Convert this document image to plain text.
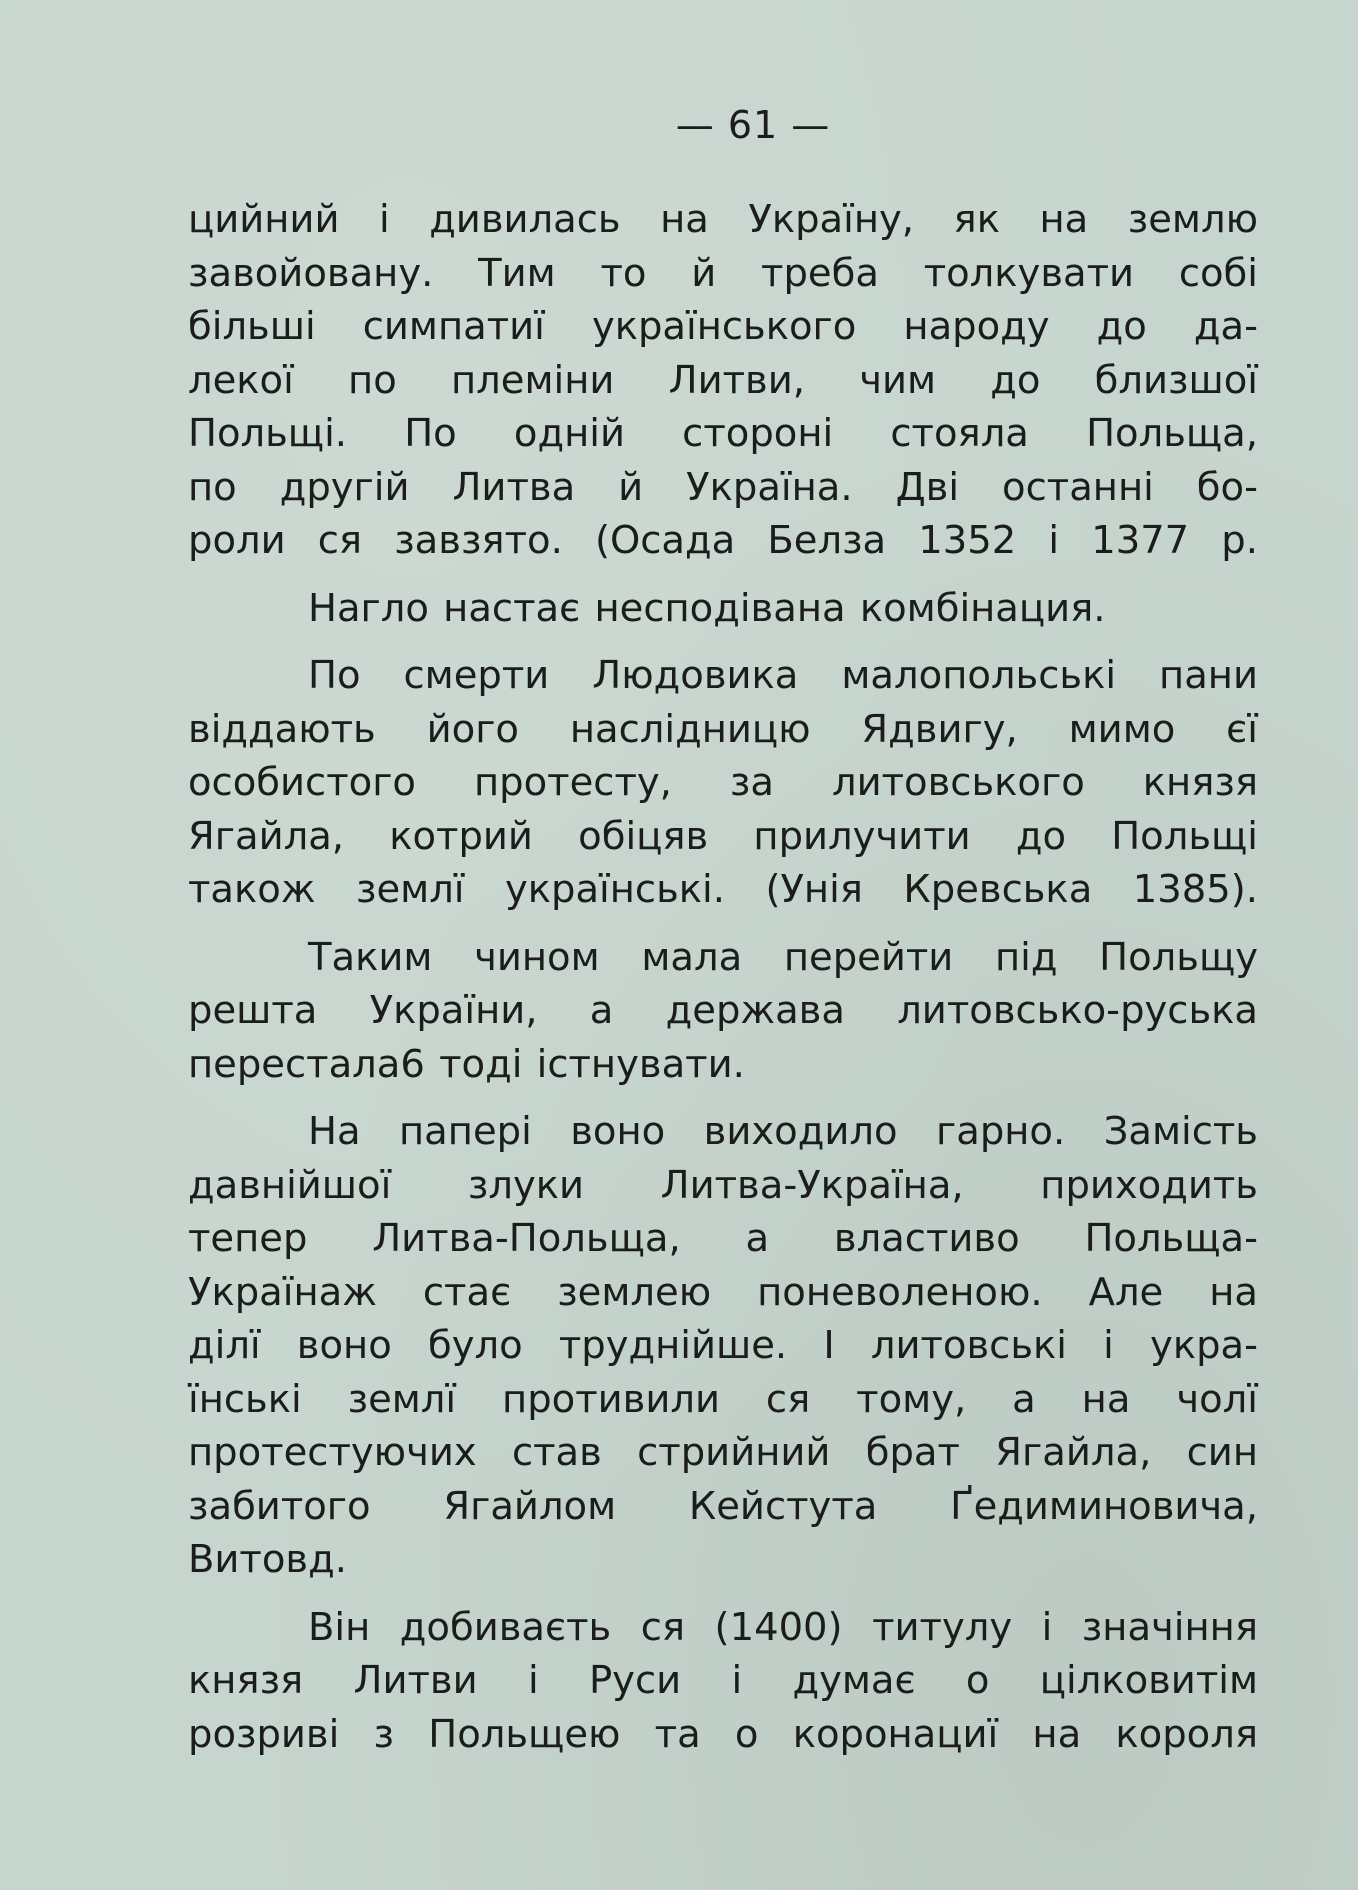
— 61 —
цийний і дивилась на Україну, як на землю
завойовану. Тим то й треба толкувати собі
більші симпатиї українського народу до да-
лекої по племіни Литви, чим до близшої
Польщі. По одній стороні стояла Польща,
по другій Литва й Україна. Дві останні бо-
роли ся завзято. (Осада Белза 1352 і 1377 р.
Нагло настає несподівана комбінация.
По смерти Людовика малопольські пани
віддають його наслідницю Ядвигу, мимо єї
особистого протесту, за литовського князя
Ягайла, котрий обіцяв прилучити до Польщі
також землї українські. (Унія Кревська 1385).
Таким чином мала перейти під Польщу
решта України, а держава литовсько-руська
перестала6 тоді істнувати.
На папері воно виходило гарно. Замість
давнійшої злуки Литва-Україна, приходить
тепер Литва-Польща, а властиво Польща-
Українаж стає землею поневоленою. Але на
ділї воно було труднійше. І литовські і укра-
їнські землї противили ся тому, а на чолї
протестуючих став стрийний брат Ягайла, син
забитого Ягайлом Кейстута Ґедиминовича,
Витовд.
Він добиваєть ся (1400) титулу і значіння
князя Литви і Руси і думає о цілковитім
розриві з Польщею та о коронациї на короля
